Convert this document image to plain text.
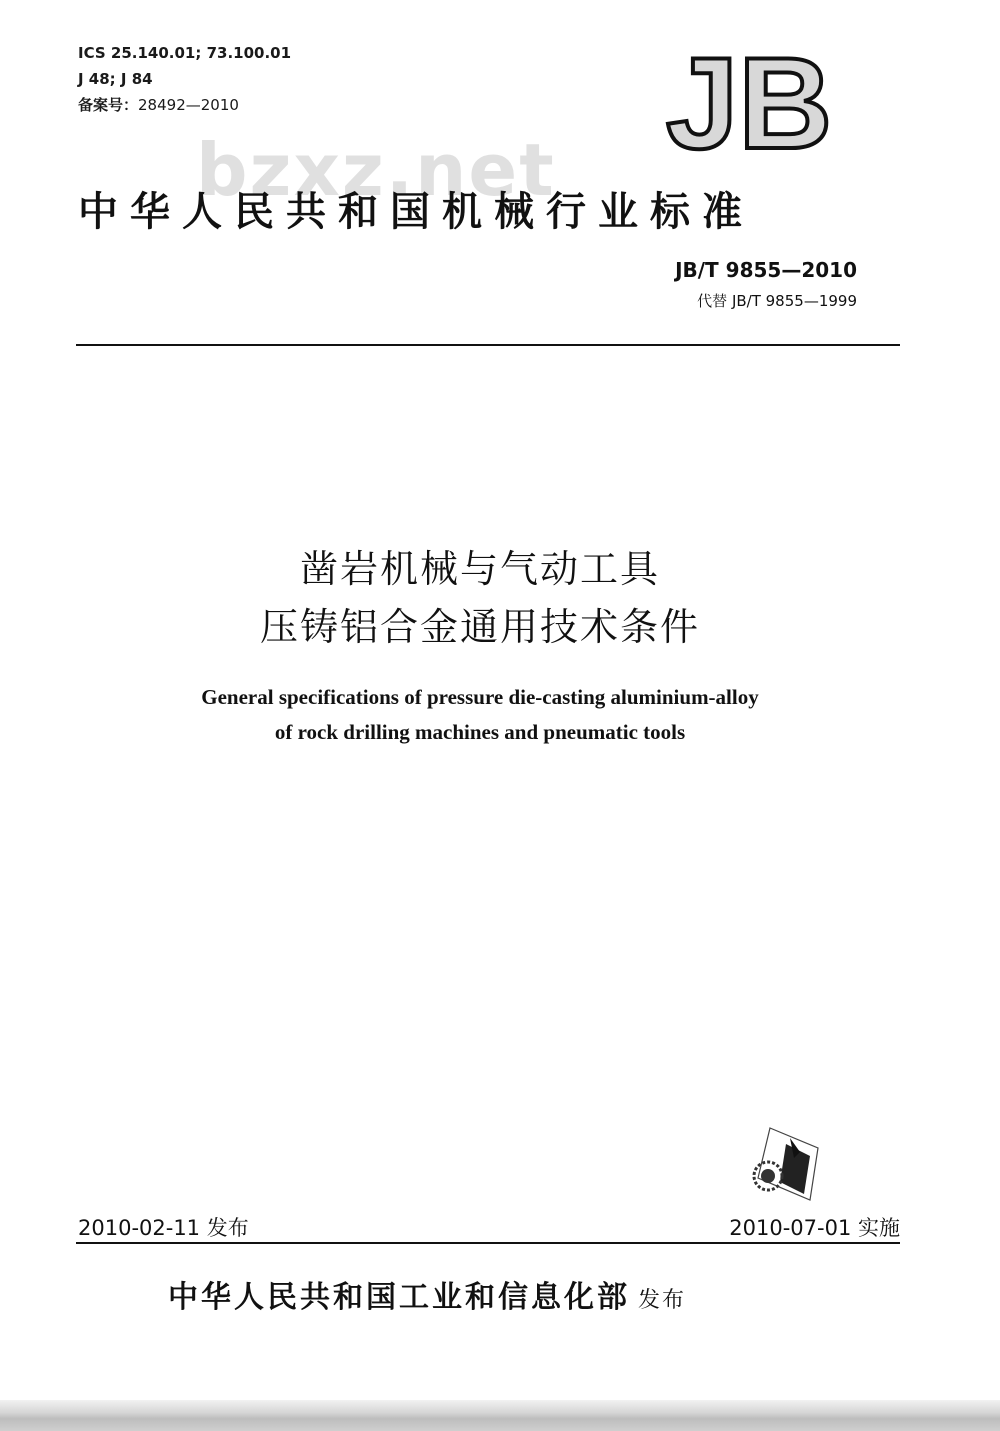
ICS 25.140.01; 73.100.01
J 48; J 84
备案号：28492—2010	JB
bzxz.net
中华人民共和国机械行业标准
JB/T 9855—2010
代替 JB/T 9855—1999
凿岩机械与气动工具
压铸铝合金通用技术条件
General specifications of pressure die-casting aluminium-alloy
of rock drilling machines and pneumatic tools
2010-02-11 发布	2010-07-01 实施
中华人民共和国工业和信息化部 发布
